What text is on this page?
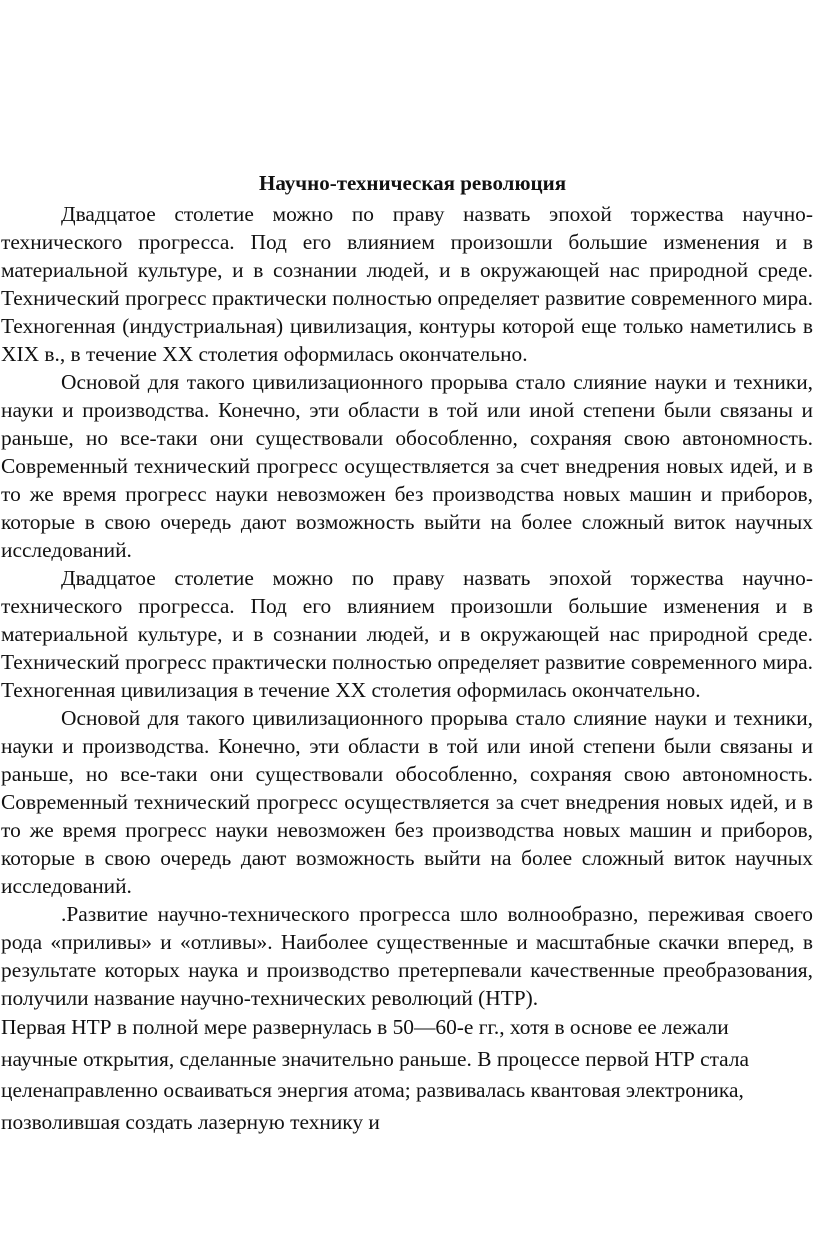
Научно-техническая революция

Двадцатое столетие можно по праву назвать эпохой торжества научно-технического прогресса. Под его влиянием произошли большие изменения и в материальной культуре, и в сознании людей, и в окружающей нас природной среде. Технический прогресс практически полностью определяет развитие современного мира. Техногенная (индустриальная) цивилизация, контуры которой еще только наметились в XIX в., в течение XX столетия оформилась окончательно.

Основой для такого цивилизационного прорыва стало слияние науки и техники, науки и производства. Конечно, эти области в той или иной степени были связаны и раньше, но все-таки они существовали обособленно, сохраняя свою автономность. Современный технический прогресс осуществляется за счет внедрения новых идей, и в то же время прогресс науки невозможен без производства новых машин и приборов, которые в свою очередь дают возможность выйти на более сложный виток научных исследований.

Двадцатое столетие можно по праву назвать эпохой торжества научно-технического прогресса. Под его влиянием произошли большие изменения и в материальной культуре, и в сознании людей, и в окружающей нас природной среде. Технический прогресс практически полностью определяет развитие современного мира. Техногенная цивилизация в течение XX столетия оформилась окончательно.

Основой для такого цивилизационного прорыва стало слияние науки и техники, науки и производства. Конечно, эти области в той или иной степени были связаны и раньше, но все-таки они существовали обособленно, сохраняя свою автономность. Современный технический прогресс осуществляется за счет внедрения новых идей, и в то же время прогресс науки невозможен без производства новых машин и приборов, которые в свою очередь дают возможность выйти на более сложный виток научных исследований.

.Развитие научно-технического прогресса шло волнообразно, переживая своего рода «приливы» и «отливы». Наиболее существенные и масштабные скачки вперед, в результате которых наука и производство претерпевали качественные преобразования, получили название научно-технических революций (НТР).

Первая НТР в полной мере развернулась в 50—60-е гг., хотя в основе ее лежали научные открытия, сделанные значительно раньше. В процессе первой НТР стала целенаправленно осваиваться энергия атома; развивалась квантовая электроника, позволившая создать лазерную технику и
